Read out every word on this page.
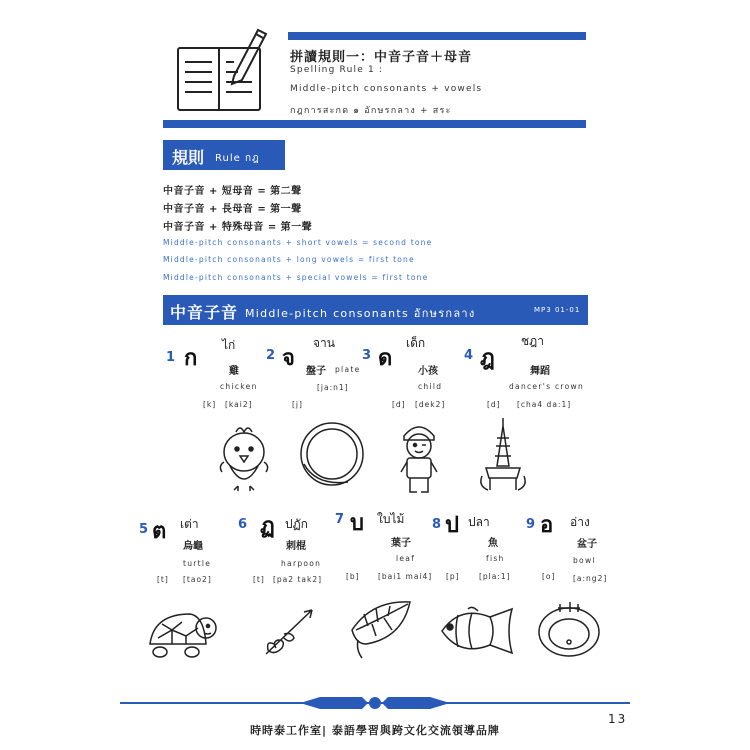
拼讀規則一：中音子音＋母音
Spelling Rule 1 :
Middle-pitch consonants + vowels
กฎการสะกด ๑ อักษรกลาง + สระ
規則 Rule กฎ
中音子音 + 短母音 = 第二聲
中音子音 + 長母音 = 第一聲
中音子音 + 特殊母音 = 第一聲
Middle-pitch consonants + short vowels = second tone
Middle-pitch consonants + long vowels = first tone
Middle-pitch consonants + special vowels = first tone
中音子音 Middle-pitch consonants อักษรกลาง	MP3 01-01
1 ก
ไก่
雞
chicken
[k] [kai2]
2 จ
จาน
盤子 plate
[j]
[ja:n1]
3 ด
เด็ก
小孩
child
[d] [dek2]
4 ฎ
ชฎา
舞蹈
dancer's crown
[d] [cha4 da:1]
5 ต เต่า
烏龜
turtle
[t] [tao2]
6 ฏ ปฏัก
刺棍
harpoon
[t] [pa2 tak2]
7 บ ใบไม้
葉子
leaf
[b] [bai1 mai4]
8 ป ปลา
魚
fish
[p]	[pla:1]
9 อ อ่าง
盆子
bowl
[o] [a:ng2]
時時泰工作室| 泰語學習與跨文化交流領導品牌
13
